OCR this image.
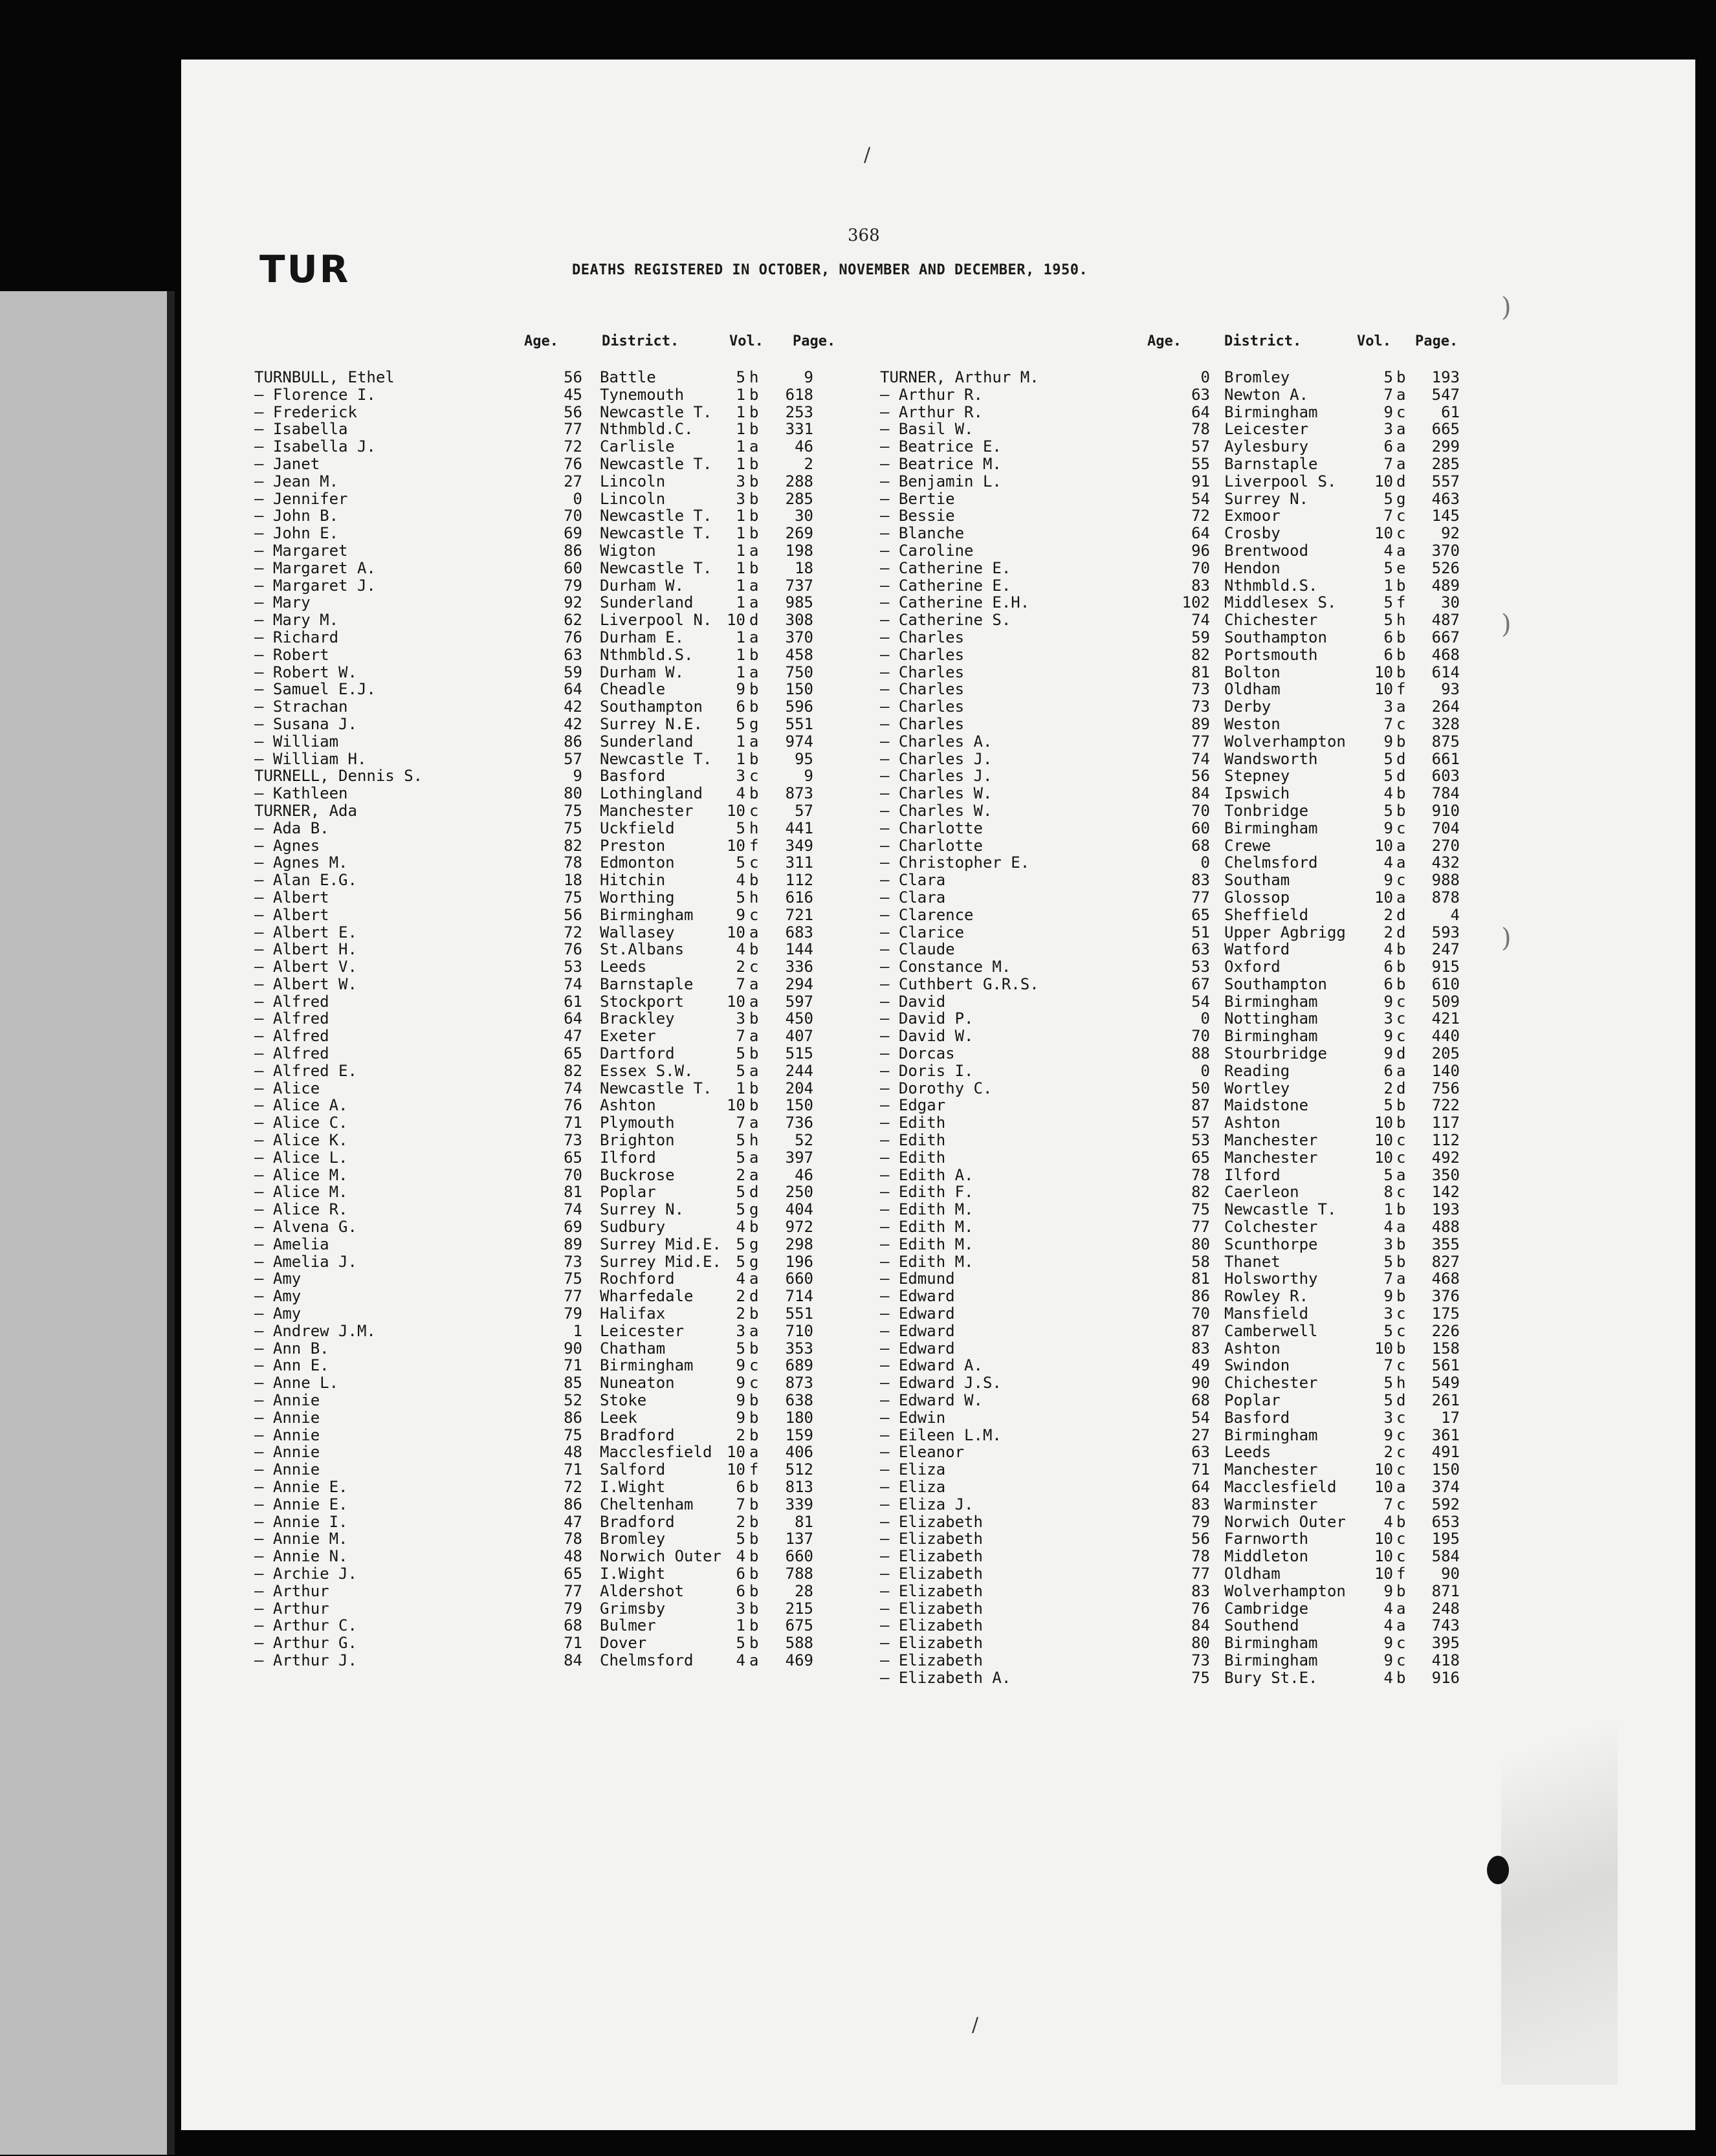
)
)
)
/
/
TUR
368
DEATHS REGISTERED IN OCTOBER, NOVEMBER AND DECEMBER, 1950.
Age.	District.	Vol. Page.	Age.	District.	Vol. Page.
TURNBULL, Ethel	56 Battle	5 h	9
— Florence I.	45 Tynemouth	1 b	618
— Frederick	56 Newcastle T.	1 b	253
— Isabella	77 Nthmbld.C.	1 b	331
— Isabella J.	72 Carlisle	1 a	46
— Janet	76 Newcastle T.	1 b	2
— Jean M.	27 Lincoln	3 b	288
— Jennifer	0 Lincoln	3 b	285
— John B.	70 Newcastle T.	1 b	30
— John E.	69 Newcastle T.	1 b	269
— Margaret	86 Wigton	1 a	198
— Margaret A.	60 Newcastle T.	1 b	18
— Margaret J.	79 Durham W.	1 a	737
— Mary	92 Sunderland	1 a	985
— Mary M.	62 Liverpool N. 10 d	308
— Richard	76 Durham E.	1 a	370
— Robert	63 Nthmbld.S.	1 b	458
— Robert W.	59 Durham W.	1 a	750
— Samuel E.J.	64 Cheadle	9 b	150
— Strachan	42 Southampton	6 b	596
— Susana J.	42 Surrey N.E.	5 g	551
— William	86 Sunderland	1 a	974
— William H.	57 Newcastle T.	1 b	95
TURNELL, Dennis S.	9 Basford	3 c	9
— Kathleen	80 Lothingland	4 b	873
TURNER, Ada	75 Manchester	10 c	57
— Ada B.	75 Uckfield	5 h	441
— Agnes	82 Preston	10 f	349
— Agnes M.	78 Edmonton	5 c	311
— Alan E.G.	18 Hitchin	4 b	112
— Albert	75 Worthing	5 h	616
— Albert	56 Birmingham	9 c	721
— Albert E.	72 Wallasey	10 a	683
— Albert H.	76 St.Albans	4 b	144
— Albert V.	53 Leeds	2 c	336
— Albert W.	74 Barnstaple	7 a	294
— Alfred	61 Stockport	10 a	597
— Alfred	64 Brackley	3 b	450
— Alfred	47 Exeter	7 a	407
— Alfred	65 Dartford	5 b	515
— Alfred E.	82 Essex S.W.	5 a	244
— Alice	74 Newcastle T.	1 b	204
— Alice A.	76 Ashton	10 b	150
— Alice C.	71 Plymouth	7 a	736
— Alice K.	73 Brighton	5 h	52
— Alice L.	65 Ilford	5 a	397
— Alice M.	70 Buckrose	2 a	46
— Alice M.	81 Poplar	5 d	250
— Alice R.	74 Surrey N.	5 g	404
— Alvena G.	69 Sudbury	4 b	972
— Amelia	89 Surrey Mid.E. 5 g	298
— Amelia J.	73 Surrey Mid.E. 5 g	196
— Amy	75 Rochford	4 a	660
— Amy	77 Wharfedale	2 d	714
— Amy	79 Halifax	2 b	551
— Andrew J.M.	1 Leicester	3 a	710
— Ann B.	90 Chatham	5 b	353
— Ann E.	71 Birmingham	9 c	689
— Anne L.	85 Nuneaton	9 c	873
— Annie	52 Stoke	9 b	638
— Annie	86 Leek	9 b	180
— Annie	75 Bradford	2 b	159
— Annie	48 Macclesfield 10 a	406
— Annie	71 Salford	10 f	512
— Annie E.	72 I.Wight	6 b	813
— Annie E.	86 Cheltenham	7 b	339
— Annie I.	47 Bradford	2 b	81
— Annie M.	78 Bromley	5 b	137
— Annie N.	48 Norwich Outer 4 b	660
— Archie J.	65 I.Wight	6 b	788
— Arthur	77 Aldershot	6 b	28
— Arthur	79 Grimsby	3 b	215
— Arthur C.	68 Bulmer	1 b	675
— Arthur G.	71 Dover	5 b	588
— Arthur J.	84 Chelmsford	4 a	469
TURNER, Arthur M.	0 Bromley	5 b	193
— Arthur R.	63 Newton A.	7 a	547
— Arthur R.	64 Birmingham	9 c	61
— Basil W.	78 Leicester	3 a	665
— Beatrice E.	57 Aylesbury	6 a	299
— Beatrice M.	55 Barnstaple	7 a	285
— Benjamin L.	91 Liverpool S.	10 d	557
— Bertie	54 Surrey N.	5 g	463
— Bessie	72 Exmoor	7 c	145
— Blanche	64 Crosby	10 c	92
— Caroline	96 Brentwood	4 a	370
— Catherine E.	70 Hendon	5 e	526
— Catherine E.	83 Nthmbld.S.	1 b	489
— Catherine E.H.	102 Middlesex S.	5 f	30
— Catherine S.	74 Chichester	5 h	487
— Charles	59 Southampton	6 b	667
— Charles	82 Portsmouth	6 b	468
— Charles	81 Bolton	10 b	614
— Charles	73 Oldham	10 f	93
— Charles	73 Derby	3 a	264
— Charles	89 Weston	7 c	328
— Charles A.	77 Wolverhampton	9 b	875
— Charles J.	74 Wandsworth	5 d	661
— Charles J.	56 Stepney	5 d	603
— Charles W.	84 Ipswich	4 b	784
— Charles W.	70 Tonbridge	5 b	910
— Charlotte	60 Birmingham	9 c	704
— Charlotte	68 Crewe	10 a	270
— Christopher E.	0 Chelmsford	4 a	432
— Clara	83 Southam	9 c	988
— Clara	77 Glossop	10 a	878
— Clarence	65 Sheffield	2 d	4
— Clarice	51 Upper Agbrigg	2 d	593
— Claude	63 Watford	4 b	247
— Constance M.	53 Oxford	6 b	915
— Cuthbert G.R.S.	67 Southampton	6 b	610
— David	54 Birmingham	9 c	509
— David P.	0 Nottingham	3 c	421
— David W.	70 Birmingham	9 c	440
— Dorcas	88 Stourbridge	9 d	205
— Doris I.	0 Reading	6 a	140
— Dorothy C.	50 Wortley	2 d	756
— Edgar	87 Maidstone	5 b	722
— Edith	57 Ashton	10 b	117
— Edith	53 Manchester	10 c	112
— Edith	65 Manchester	10 c	492
— Edith A.	78 Ilford	5 a	350
— Edith F.	82 Caerleon	8 c	142
— Edith M.	75 Newcastle T.	1 b	193
— Edith M.	77 Colchester	4 a	488
— Edith M.	80 Scunthorpe	3 b	355
— Edith M.	58 Thanet	5 b	827
— Edmund	81 Holsworthy	7 a	468
— Edward	86 Rowley R.	9 b	376
— Edward	70 Mansfield	3 c	175
— Edward	87 Camberwell	5 c	226
— Edward	83 Ashton	10 b	158
— Edward A.	49 Swindon	7 c	561
— Edward J.S.	90 Chichester	5 h	549
— Edward W.	68 Poplar	5 d	261
— Edwin	54 Basford	3 c	17
— Eileen L.M.	27 Birmingham	9 c	361
— Eleanor	63 Leeds	2 c	491
— Eliza	71 Manchester	10 c	150
— Eliza	64 Macclesfield	10 a	374
— Eliza J.	83 Warminster	7 c	592
— Elizabeth	79 Norwich Outer	4 b	653
— Elizabeth	56 Farnworth	10 c	195
— Elizabeth	78 Middleton	10 c	584
— Elizabeth	77 Oldham	10 f	90
— Elizabeth	83 Wolverhampton	9 b	871
— Elizabeth	76 Cambridge	4 a	248
— Elizabeth	84 Southend	4 a	743
— Elizabeth	80 Birmingham	9 c	395
— Elizabeth	73 Birmingham	9 c	418
— Elizabeth A.	75 Bury St.E.	4 b	916
